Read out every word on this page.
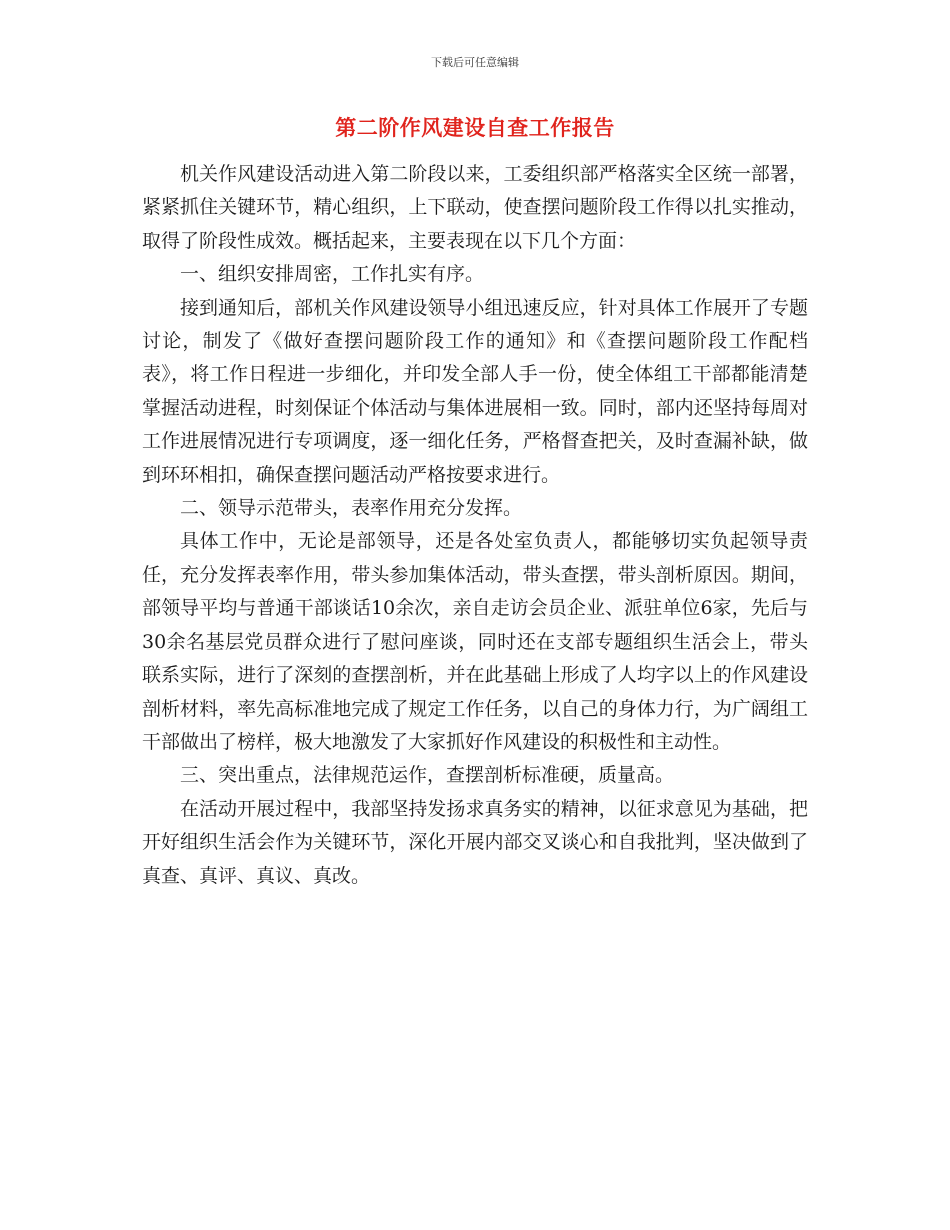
下载后可任意编辑
第二阶作风建设自查工作报告

机关作风建设活动进入第二阶段以来，工委组织部严格落实全区统一部署，紧紧抓住关键环节，精心组织，上下联动，使查摆问题阶段工作得以扎实推动，取得了阶段性成效。概括起来，主要表现在以下几个方面：

一、组织安排周密，工作扎实有序。

接到通知后，部机关作风建设领导小组迅速反应，针对具体工作展开了专题讨论，制发了《做好查摆问题阶段工作的通知》和《查摆问题阶段工作配档表》，将工作日程进一步细化，并印发全部人手一份，使全体组工干部都能清楚掌握活动进程，时刻保证个体活动与集体进展相一致。同时，部内还坚持每周对工作进展情况进行专项调度，逐一细化任务，严格督查把关，及时查漏补缺，做到环环相扣，确保查摆问题活动严格按要求进行。

二、领导示范带头，表率作用充分发挥。

具体工作中，无论是部领导，还是各处室负责人，都能够切实负起领导责任，充分发挥表率作用，带头参加集体活动，带头查摆，带头剖析原因。期间，部领导平均与普通干部谈话10余次，亲自走访会员企业、派驻单位6家，先后与30余名基层党员群众进行了慰问座谈，同时还在支部专题组织生活会上，带头联系实际，进行了深刻的查摆剖析，并在此基础上形成了人均字以上的作风建设剖析材料，率先高标准地完成了规定工作任务，以自己的身体力行，为广阔组工干部做出了榜样，极大地激发了大家抓好作风建设的积极性和主动性。

三、突出重点，法律规范运作，查摆剖析标准硬，质量高。

在活动开展过程中，我部坚持发扬求真务实的精神，以征求意见为基础，把开好组织生活会作为关键环节，深化开展内部交叉谈心和自我批判，坚决做到了真查、真评、真议、真改。
